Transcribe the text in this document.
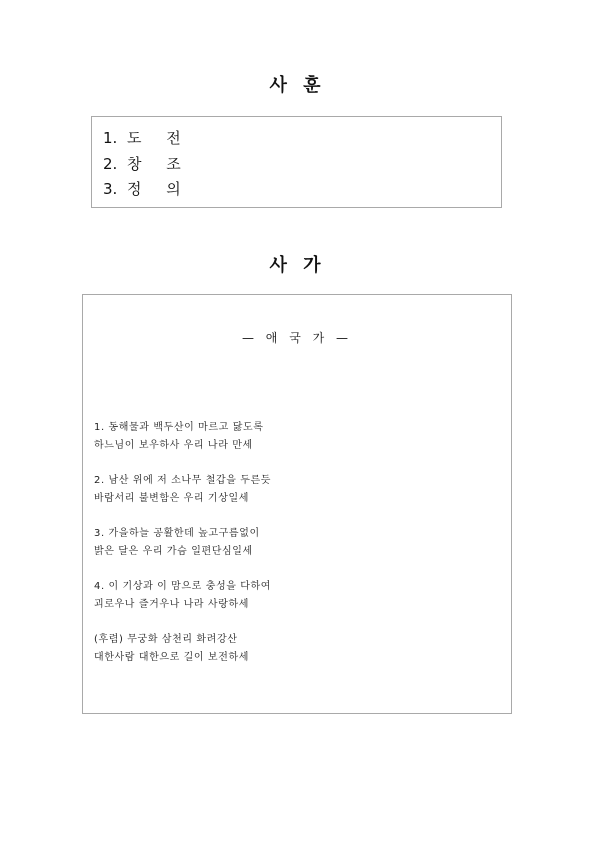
사 훈
1. 도 전
2. 창 조
3. 정 의
사 가
— 애 국 가 —
1. 동해물과 백두산이 마르고 닳도록
하느님이 보우하사 우리 나라 만세
2. 남산 위에 저 소나무 철갑을 두른듯
바람서리 불변함은 우리 기상일세
3. 가을하늘 공활한데 높고구름없이
밝은 달은 우리 가슴 일편단심일세
4. 이 기상과 이 맘으로 충성을 다하여
괴로우나 즐거우나 나라 사랑하세
(후렴) 무궁화 삼천리 화려강산
대한사람 대한으로 길이 보전하세
